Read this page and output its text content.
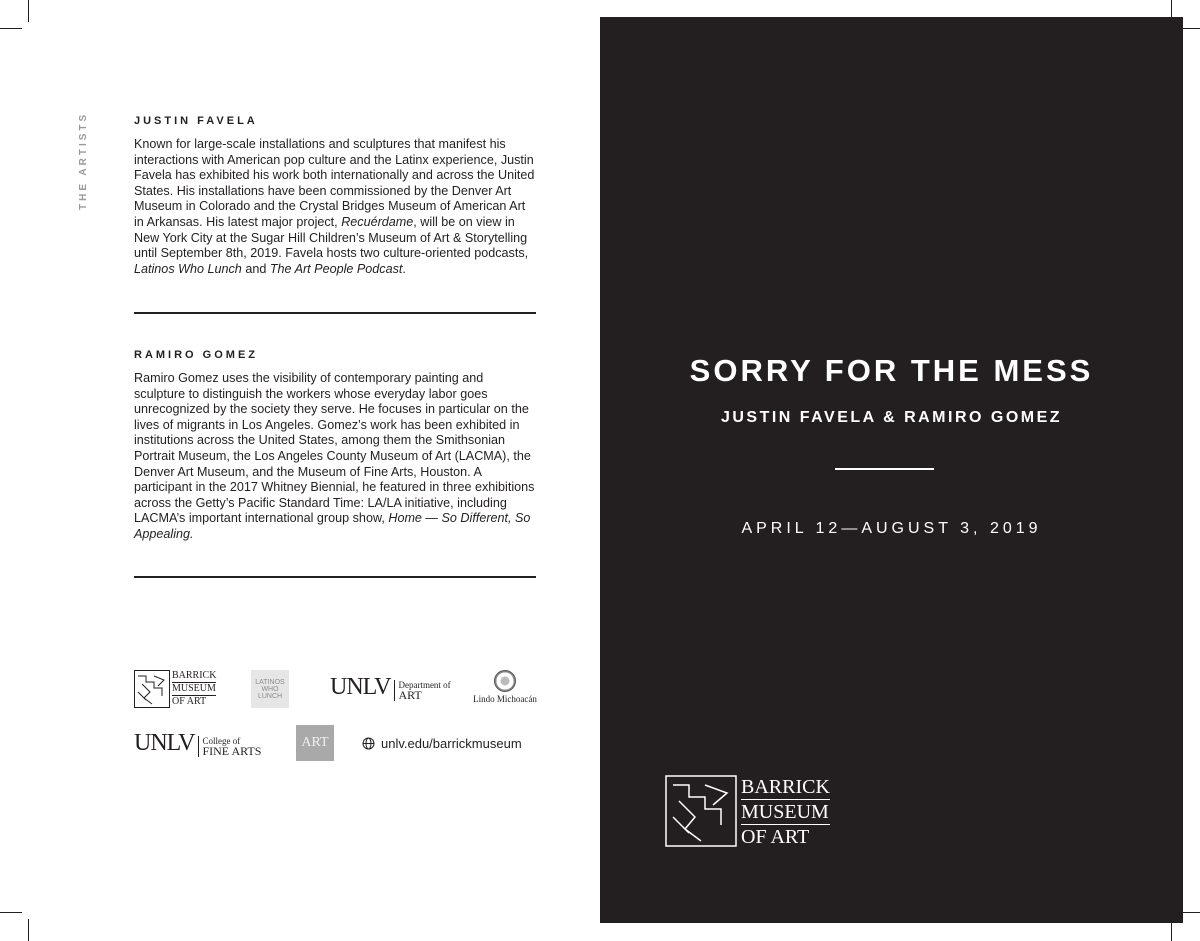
THE ARTISTS	JUSTIN FAVELA

Known for large-scale installations and sculptures that manifest his interactions with American pop culture and the Latinx experience, Justin Favela has exhibited his work both internationally and across the United States. His installations have been commissioned by the Denver Art Museum in Colorado and the Crystal Bridges Museum of American Art in Arkansas. His latest major project, Recuérdame, will be on view in New York City at the Sugar Hill Children’s Museum of Art & Storytelling until September 8th, 2019. Favela hosts two culture-oriented podcasts, Latinos Who Lunch and The Art People Podcast.

RAMIRO GOMEZ

Ramiro Gomez uses the visibility of contemporary painting and sculpture to distinguish the workers whose everyday labor goes unrecognized by the society they serve. He focuses in particular on the lives of migrants in Los Angeles. Gomez’s work has been exhibited in institutions across the United States, among them the Smithsonian Portrait Museum, the Los Angeles County Museum of Art (LACMA), the Denver Art Museum, and the Museum of Fine Arts, Houston. A participant in the 2017 Whitney Biennial, he featured in three exhibitions across the Getty’s Pacific Standard Time: LA/LA initiative, including LACMA’s important international group show, Home — So Different, So Appealing.

BARRICK
MUSEUM
OF ART
LATINOS WHO LUNCH UNLV Department of
ART	Lindo Michoacán
UNLV College of
FINE ARTS
ART	unlv.edu/barrickmuseum
SORRY FOR THE MESS
JUSTIN FAVELA & RAMIRO GOMEZ
APRIL 12—AUGUST 3, 2019
BARRICK
MUSEUM
OF ART
